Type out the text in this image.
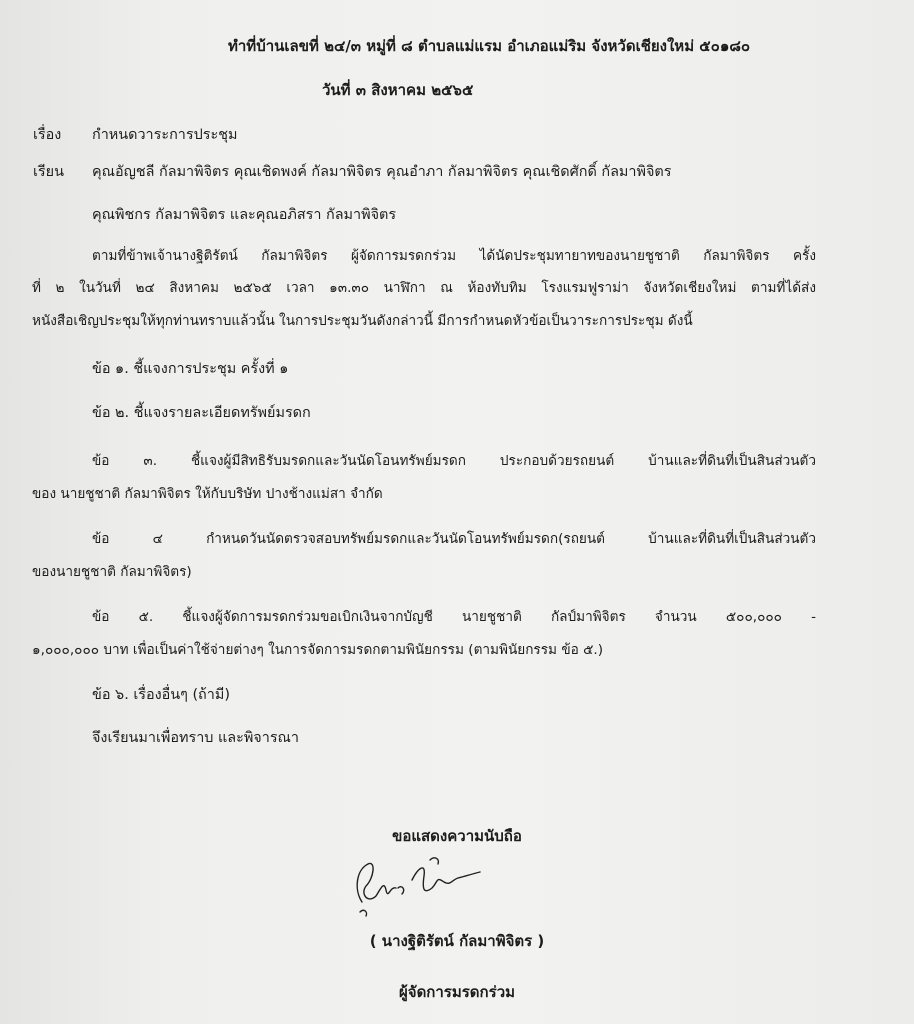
ทำที่บ้านเลขที่ ๒๔/๓ หมู่ที่ ๘ ตำบลแม่แรม อำเภอแม่ริม จังหวัดเชียงใหม่ ๕๐๑๘๐
วันที่ ๓ สิงหาคม ๒๕๖๕
เรื่อง กำหนดวาระการประชุม
เรียน คุณอัญชลี กัลมาพิจิตร คุณเชิดพงค์ กัลมาพิจิตร คุณอำภา กัลมาพิจิตร คุณเชิดศักดิ์ กัลมาพิจิตร
คุณพิชกร กัลมาพิจิตร และคุณอภิสรา กัลมาพิจิตร
ตามที่ข้าพเจ้านางฐิติรัตน์ กัลมาพิจิตร ผู้จัดการมรดกร่วม ได้นัดประชุมทายาทของนายชูชาติ กัลมาพิจิตร ครั้ง
ที่ ๒ ในวันที่ ๒๔ สิงหาคม ๒๕๖๕ เวลา ๑๓.๓๐ นาฬิกา ณ ห้องทับทิม โรงแรมฟูราม่า จังหวัดเชียงใหม่ ตามที่ได้ส่ง
หนังสือเชิญประชุมให้ทุกท่านทราบแล้วนั้น ในการประชุมวันดังกล่าวนี้ มีการกำหนดหัวข้อเป็นวาระการประชุม ดังนี้
ข้อ ๑. ชี้แจงการประชุม ครั้งที่ ๑
ข้อ ๒. ชี้แจงรายละเอียดทรัพย์มรดก
ข้อ ๓. ชี้แจงผู้มีสิทธิรับมรดกและวันนัดโอนทรัพย์มรดก ประกอบด้วยรถยนต์ บ้านและที่ดินที่เป็นสินส่วนตัว
ของ นายชูชาติ กัลมาพิจิตร ให้กับบริษัท ปางช้างแม่สา จำกัด
ข้อ ๔ กำหนดวันนัดตรวจสอบทรัพย์มรดกและวันนัดโอนทรัพย์มรดก(รถยนต์ บ้านและที่ดินที่เป็นสินส่วนตัว
ของนายชูชาติ กัลมาพิจิตร)
ข้อ ๕. ชี้แจงผู้จัดการมรดกร่วมขอเบิกเงินจากบัญชี นายชูชาติ กัลป์มาพิจิตร จำนวน ๕๐๐,๐๐๐ -
๑,๐๐๐,๐๐๐ บาท เพื่อเป็นค่าใช้จ่ายต่างๆ ในการจัดการมรดกตามพินัยกรรม (ตามพินัยกรรม ข้อ ๕.)
ข้อ ๖. เรื่องอื่นๆ (ถ้ามี)
จึงเรียนมาเพื่อทราบ และพิจารณา
ขอแสดงความนับถือ
( นางฐิติรัตน์ กัลมาพิจิตร )
ผู้จัดการมรดกร่วม
